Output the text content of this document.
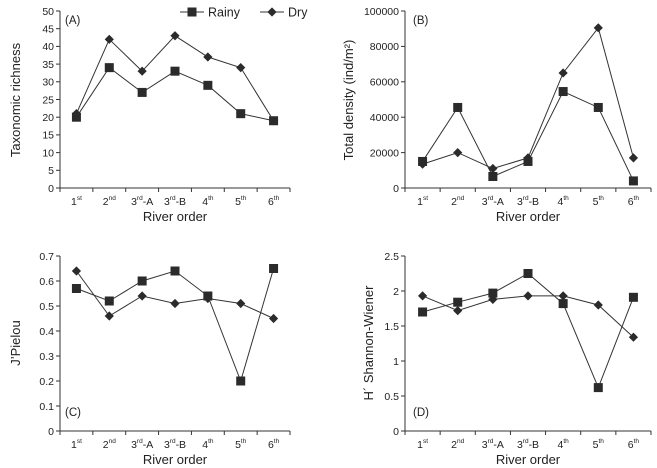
Rainy	Dry
0
5
10
15
20
25
30
35
40
45
50
1st 2nd 3rd-A 3rd-B 4th 5th 6th
River order
Taxonomic richness
(A)
0
20000
40000
60000
80000
100000
1st 2nd 3rd-A 3rd-B 4th 5th 6th
River order
Total density (ind/m²)
(B)
0
0.1
0.2
0.3
0.4
0.5
0.6
0.7
1st 2nd 3rd-A 3rd-B 4th 5th 6th
River order
J’Pielou
(C)
0
0.5
1
1.5
2
2.5
1st 2nd 3rd-A 3rd-B 4th 5th 6th
River order
H´ Shannon-Wiener
(D)
